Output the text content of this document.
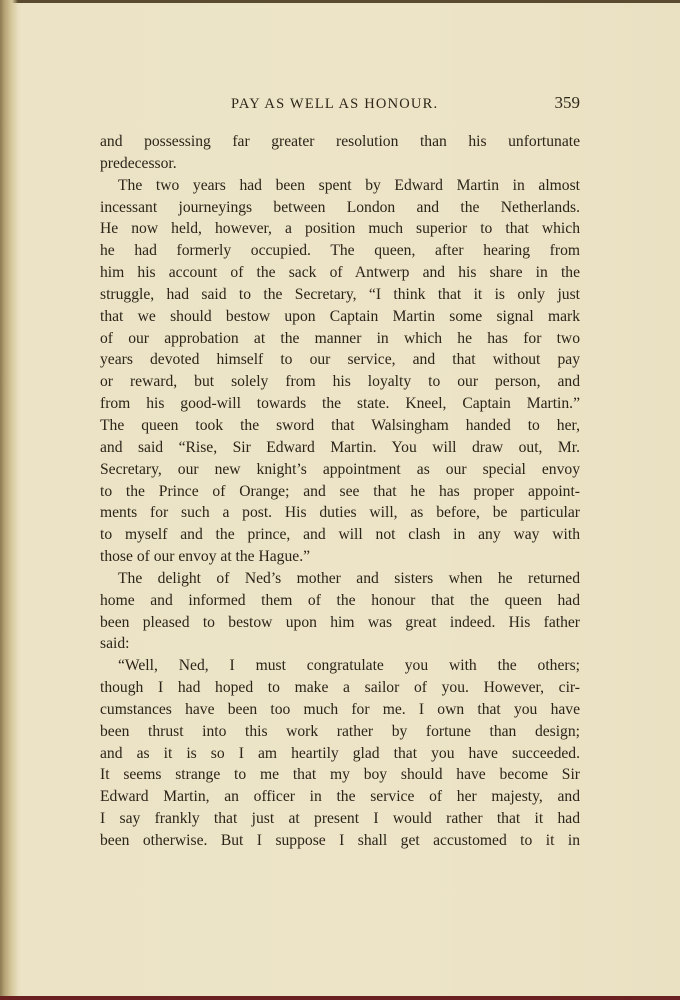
PAY AS WELL AS HONOUR.	359
and possessing far greater resolution than his unfortunate
predecessor.
The two years had been spent by Edward Martin in almost
incessant journeyings between London and the Netherlands.
He now held, however, a position much superior to that which
he had formerly occupied. The queen, after hearing from
him his account of the sack of Antwerp and his share in the
struggle, had said to the Secretary, “I think that it is only just
that we should bestow upon Captain Martin some signal mark
of our approbation at the manner in which he has for two
years devoted himself to our service, and that without pay
or reward, but solely from his loyalty to our person, and
from his good-will towards the state. Kneel, Captain Martin.”
The queen took the sword that Walsingham handed to her,
and said “Rise, Sir Edward Martin. You will draw out, Mr.
Secretary, our new knight’s appointment as our special envoy
to the Prince of Orange; and see that he has proper appoint-
ments for such a post. His duties will, as before, be particular
to myself and the prince, and will not clash in any way with
those of our envoy at the Hague.”
The delight of Ned’s mother and sisters when he returned
home and informed them of the honour that the queen had
been pleased to bestow upon him was great indeed. His father
said:
“Well, Ned, I must congratulate you with the others;
though I had hoped to make a sailor of you. However, cir-
cumstances have been too much for me. I own that you have
been thrust into this work rather by fortune than design;
and as it is so I am heartily glad that you have succeeded.
It seems strange to me that my boy should have become Sir
Edward Martin, an officer in the service of her majesty, and
I say frankly that just at present I would rather that it had
been otherwise. But I suppose I shall get accustomed to it in
